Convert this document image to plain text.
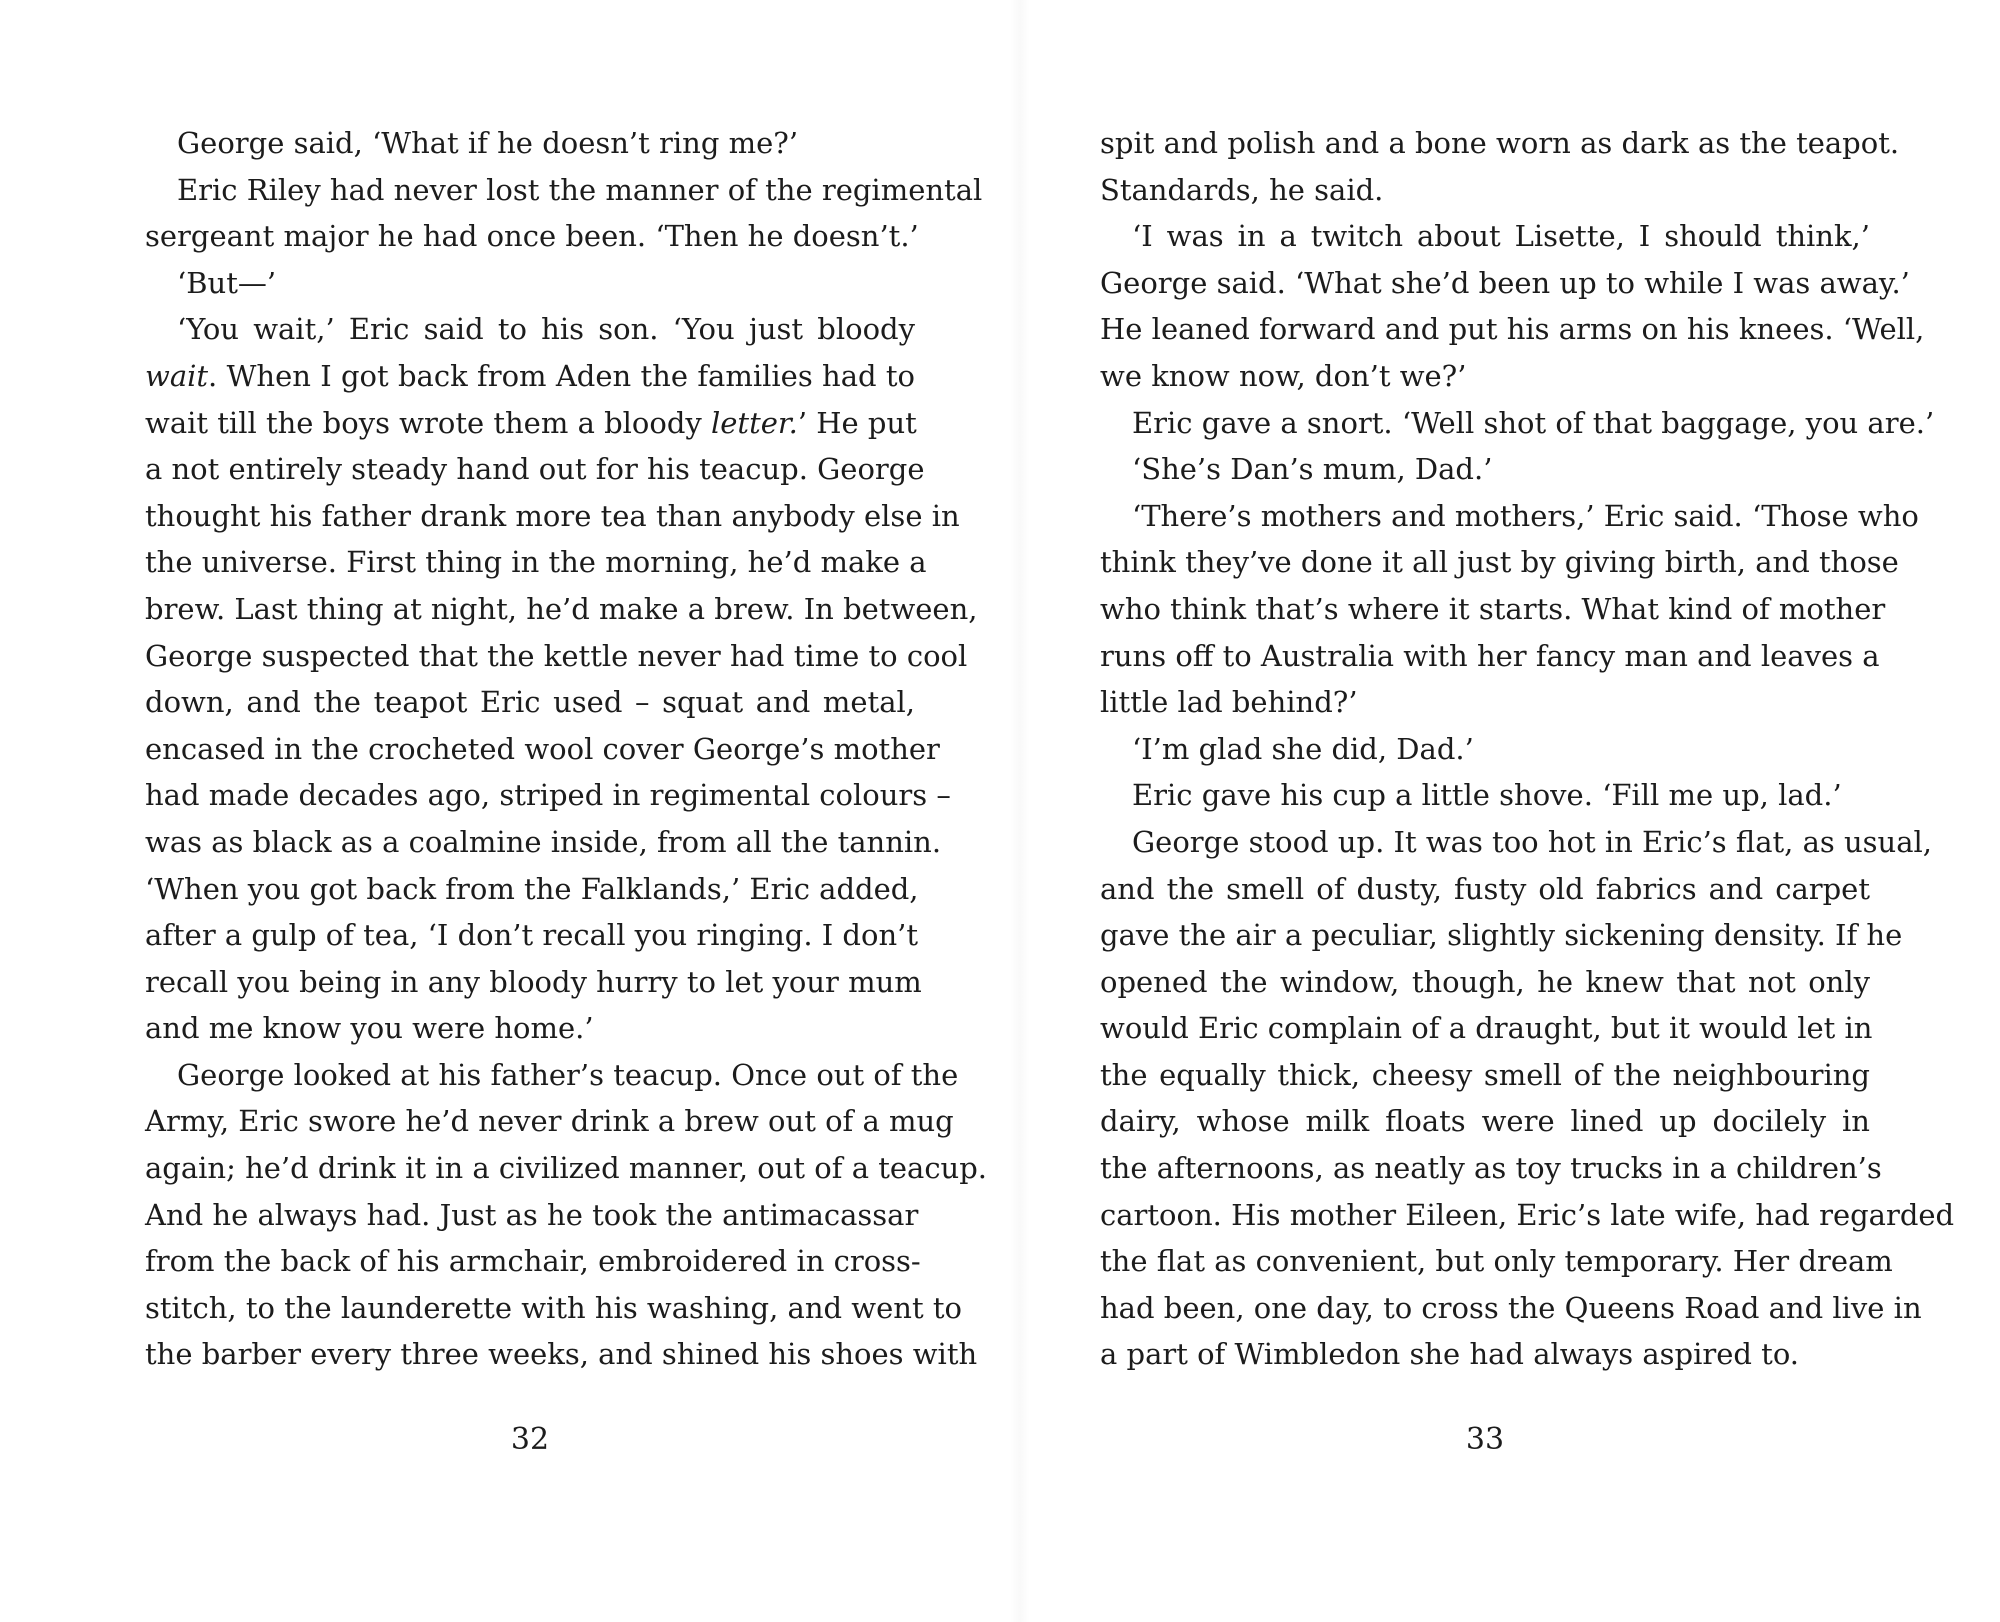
George said, ‘What if he doesn’t ring me?’
Eric Riley had never lost the manner of the regimental
sergeant major he had once been. ‘Then he doesn’t.’
‘But—’
‘You wait,’ Eric said to his son. ‘You just bloody
wait. When I got back from Aden the families had to
wait till the boys wrote them a bloody letter.’ He put
a not entirely steady hand out for his teacup. George
thought his father drank more tea than anybody else in
the universe. First thing in the morning, he’d make a
brew. Last thing at night, he’d make a brew. In between,
George suspected that the kettle never had time to cool
down, and the teapot Eric used – squat and metal,
encased in the crocheted wool cover George’s mother
had made decades ago, striped in regimental colours –
was as black as a coalmine inside, from all the tannin.
‘When you got back from the Falklands,’ Eric added,
after a gulp of tea, ‘I don’t recall you ringing. I don’t
recall you being in any bloody hurry to let your mum
and me know you were home.’
George looked at his father’s teacup. Once out of the
Army, Eric swore he’d never drink a brew out of a mug
again; he’d drink it in a civilized manner, out of a teacup.
And he always had. Just as he took the antimacassar
from the back of his armchair, embroidered in cross-
stitch, to the launderette with his washing, and went to
the barber every three weeks, and shined his shoes with
32
spit and polish and a bone worn as dark as the teapot.
Standards, he said.
‘I was in a twitch about Lisette, I should think,’
George said. ‘What she’d been up to while I was away.’
He leaned forward and put his arms on his knees. ‘Well,
we know now, don’t we?’
Eric gave a snort. ‘Well shot of that baggage, you are.’
‘She’s Dan’s mum, Dad.’
‘There’s mothers and mothers,’ Eric said. ‘Those who
think they’ve done it all just by giving birth, and those
who think that’s where it starts. What kind of mother
runs off to Australia with her fancy man and leaves a
little lad behind?’
‘I’m glad she did, Dad.’
Eric gave his cup a little shove. ‘Fill me up, lad.’
George stood up. It was too hot in Eric’s flat, as usual,
and the smell of dusty, fusty old fabrics and carpet
gave the air a peculiar, slightly sickening density. If he
opened the window, though, he knew that not only
would Eric complain of a draught, but it would let in
the equally thick, cheesy smell of the neighbouring
dairy, whose milk floats were lined up docilely in
the afternoons, as neatly as toy trucks in a children’s
cartoon. His mother Eileen, Eric’s late wife, had regarded
the flat as convenient, but only temporary. Her dream
had been, one day, to cross the Queens Road and live in
a part of Wimbledon she had always aspired to.
33
